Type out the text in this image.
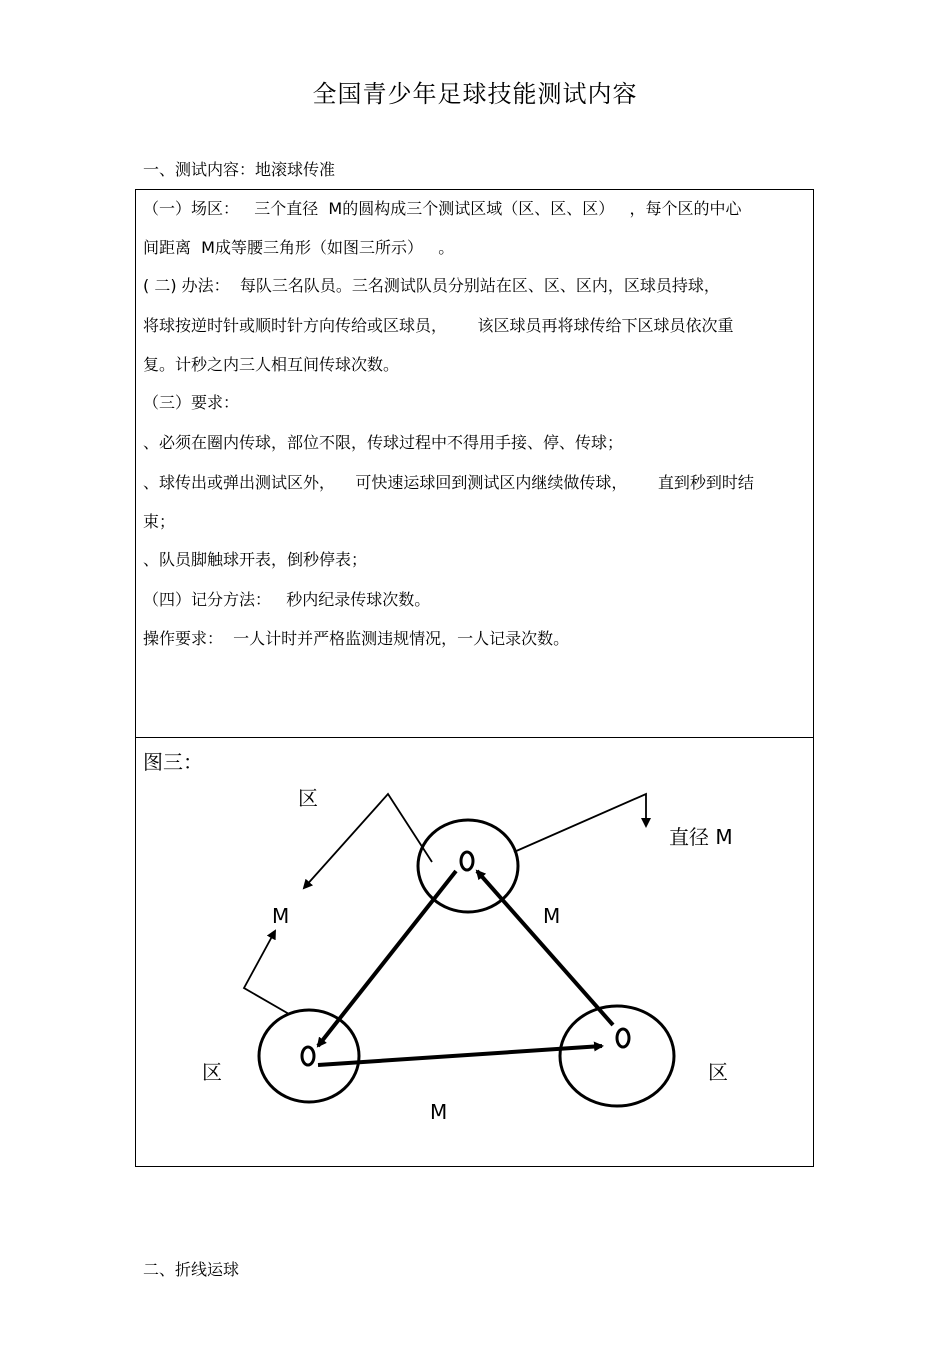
全国青少年足球技能测试内容
一、测试内容：地滚球传准
（一）场区：   三个直径  M的圆构成三个测试区域（区、区、区）   ，每个区的中心
间距离  M成等腰三角形（如图三所示）   。
( 二) 办法：  每队三名队员。三名测试队员分别站在区、区、区内，区球员持球，
将球按逆时针或顺时针方向传给或区球员，      该区球员再将球传给下区球员依次重
复。计秒之内三人相互间传球次数。
（三）要求：
、必须在圈内传球，部位不限，传球过程中不得用手接、停、传球；
、球传出或弹出测试区外，    可快速运球回到测试区内继续做传球，      直到秒到时结
束；
、队员脚触球开表，倒秒停表；
（四）记分方法：   秒内纪录传球次数。
操作要求：  一人计时并严格监测违规情况，一人记录次数。
图三：
区
直径 M
M	M
区	区
M
二、折线运球
